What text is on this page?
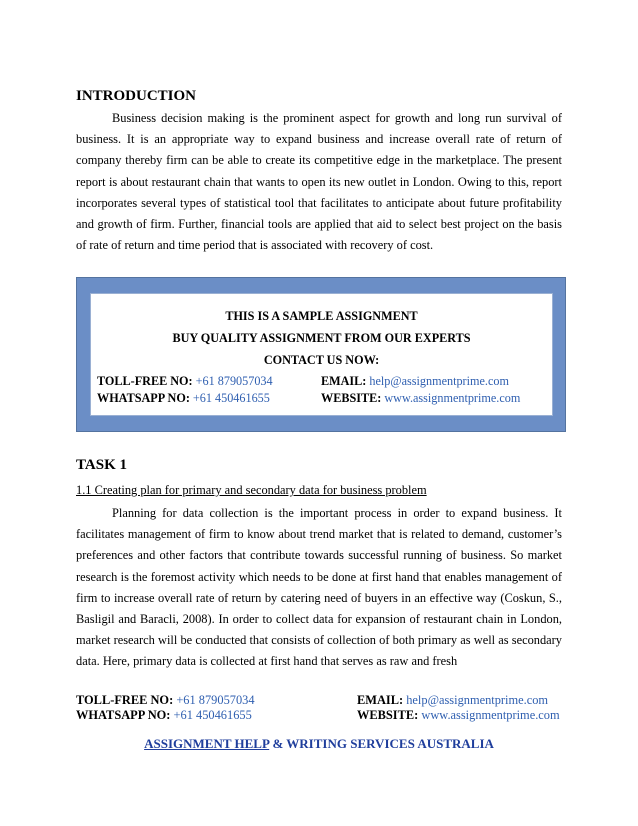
INTRODUCTION

Business decision making is the prominent aspect for growth and long run survival of business. It is an appropriate way to expand business and increase overall rate of return of company thereby firm can be able to create its competitive edge in the marketplace. The present report is about restaurant chain that wants to open its new outlet in London. Owing to this, report incorporates several types of statistical tool that facilitates to anticipate about future profitability and growth of firm. Further, financial tools are applied that aid to select best project on the basis of rate of return and time period that is associated with recovery of cost.

THIS IS A SAMPLE ASSIGNMENT
BUY QUALITY ASSIGNMENT FROM OUR EXPERTS
CONTACT US NOW:
TOLL-FREE NO: +61 879057034	EMAIL: help@assignmentprime.com
WHATSAPP NO: +61 450461655	WEBSITE: www.assignmentprime.com
TASK 1
1.1 Creating plan for primary and secondary data for business problem

Planning for data collection is the important process in order to expand business. It facilitates management of firm to know about trend market that is related to demand, customer’s preferences and other factors that contribute towards successful running of business. So market research is the foremost activity which needs to be done at first hand that enables management of firm to increase overall rate of return by catering need of buyers in an effective way (Coskun, S., Basligil and Baracli, 2008). In order to collect data for expansion of restaurant chain in London, market research will be conducted that consists of collection of both primary as well as secondary data. Here, primary data is collected at first hand that serves as raw and fresh

TOLL-FREE NO: +61 879057034	EMAIL: help@assignmentprime.com
WHATSAPP NO: +61 450461655	WEBSITE: www.assignmentprime.com
ASSIGNMENT HELP & WRITING SERVICES AUSTRALIA
